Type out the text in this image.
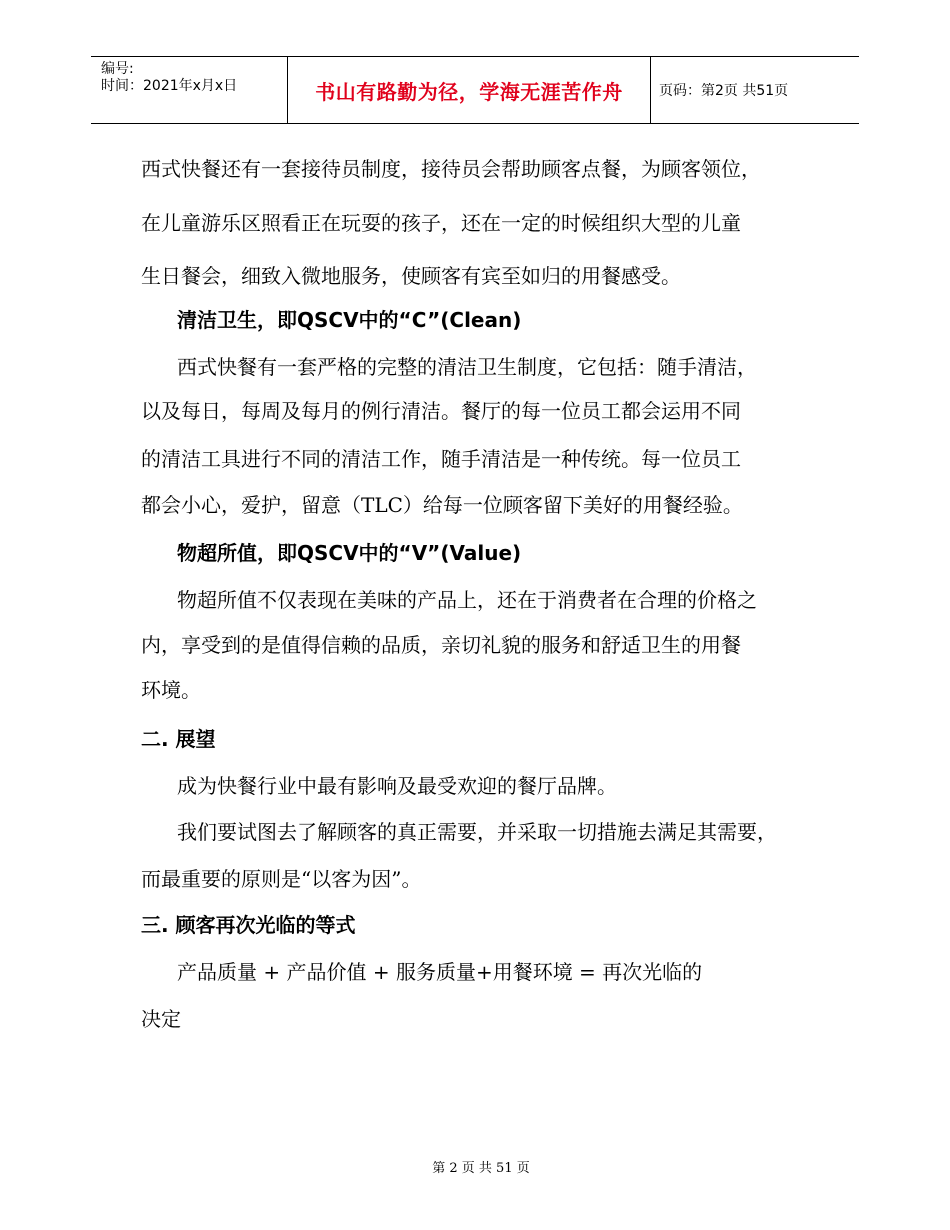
编号:
时间：2021年x月x日	书山有路勤为径，学海无涯苦作舟	页码：第2页 共51页
西式快餐还有一套接待员制度，接待员会帮助顾客点餐，为顾客领位，
在儿童游乐区照看正在玩耍的孩子，还在一定的时候组织大型的儿童
生日餐会，细致入微地服务，使顾客有宾至如归的用餐感受。
清洁卫生，即QSCV中的“C”(Clean)
西式快餐有一套严格的完整的清洁卫生制度，它包括：随手清洁，
以及每日，每周及每月的例行清洁。餐厅的每一位员工都会运用不同
的清洁工具进行不同的清洁工作，随手清洁是一种传统。每一位员工
都会小心，爱护，留意（TLC）给每一位顾客留下美好的用餐经验。
物超所值，即QSCV中的“V”(Value)
物超所值不仅表现在美味的产品上，还在于消费者在合理的价格之
内，享受到的是值得信赖的品质，亲切礼貌的服务和舒适卫生的用餐
环境。
二. 展望
成为快餐行业中最有影响及最受欢迎的餐厅品牌。
我们要试图去了解顾客的真正需要，并采取一切措施去满足其需要，
而最重要的原则是“以客为因”。
三. 顾客再次光临的等式
产品质量 + 产品价值 + 服务质量+用餐环境 = 再次光临的
决定
第 2 页 共 51 页
